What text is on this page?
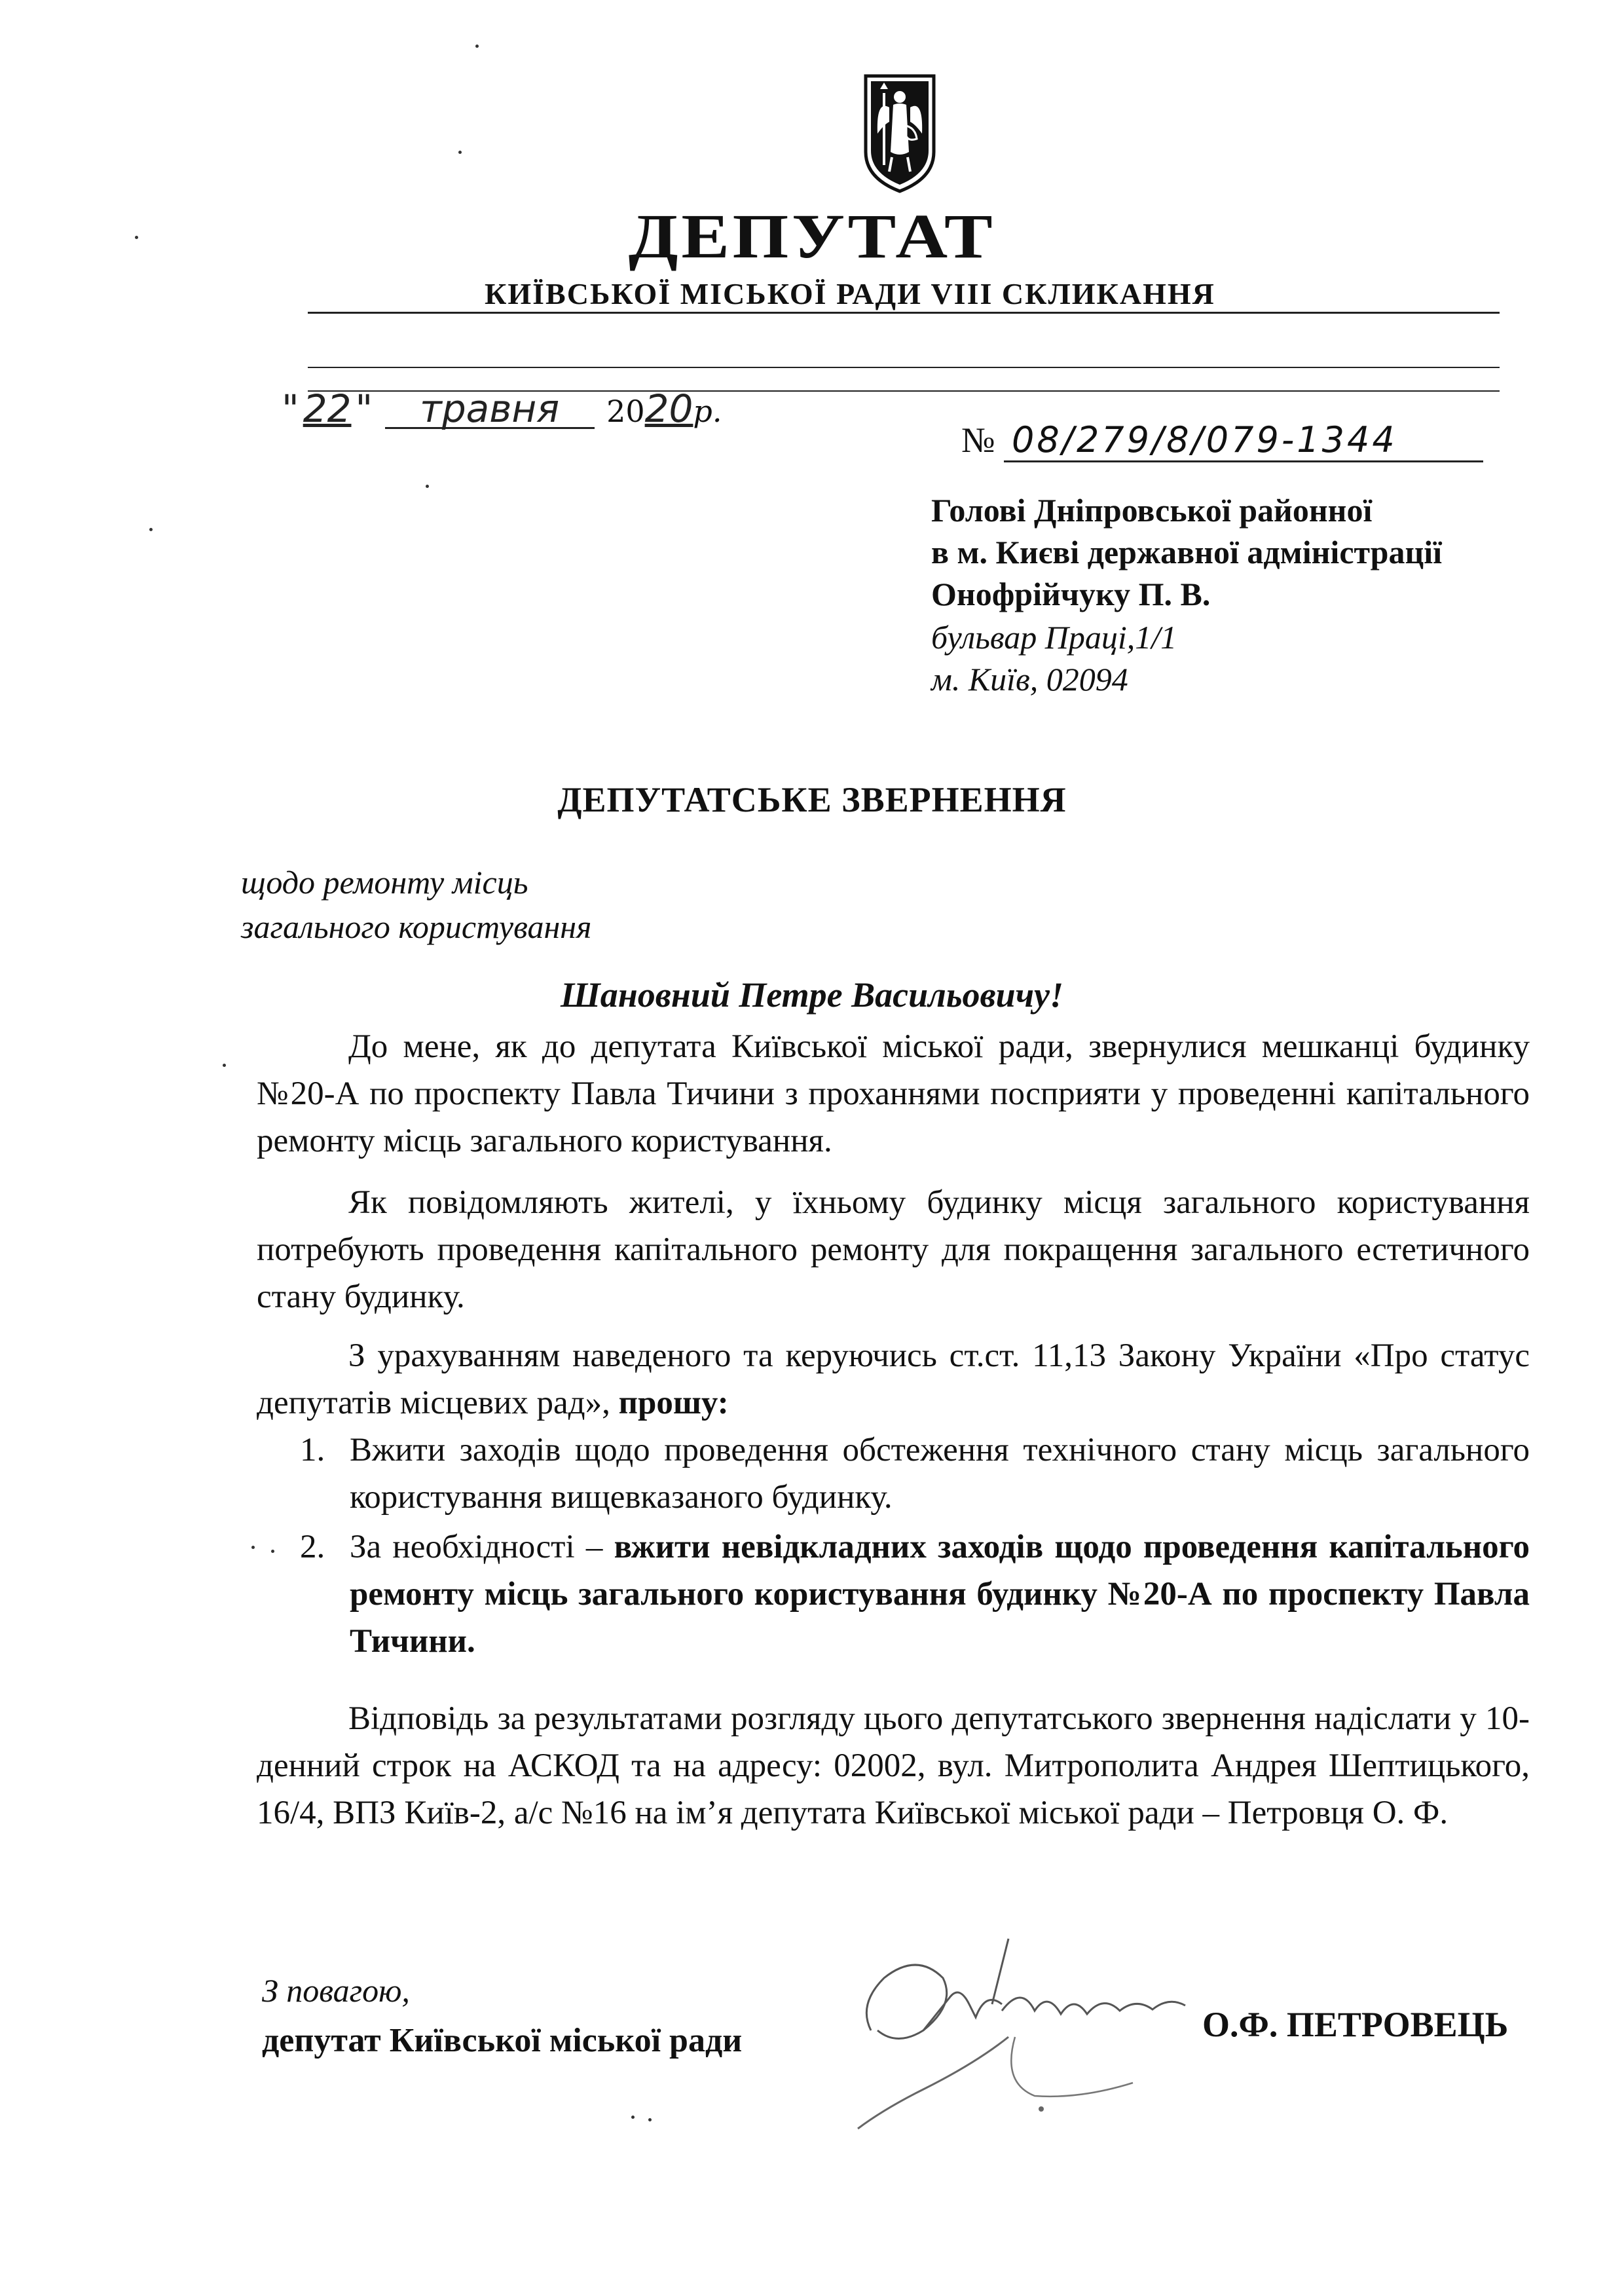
ДЕПУТАТ
КИЇВСЬКОЇ МІСЬКОЇ РАДИ VIII СКЛИКАННЯ
" 22 " травня 2020р.
№ 08/279/8/079-1344
Голові Дніпровської районної
в м. Києві державної адміністрації
Онофрійчуку П. В.
бульвар Праці,1/1
м. Київ, 02094
ДЕПУТАТСЬКЕ ЗВЕРНЕННЯ
щодо ремонту місць
загального користування
Шановний Петре Васильовичу!
До мене, як до депутата Київської міської ради, звернулися мешканці будинку №20-А по проспекту Павла Тичини з проханнями посприяти у проведенні капітального ремонту місць загального користування.
Як повідомляють жителі, у їхньому будинку місця загального користування потребують проведення капітального ремонту для покращення загального естетичного стану будинку.
З урахуванням наведеного та керуючись ст.ст. 11,13 Закону України «Про статус депутатів місцевих рад», прошу:
1. Вжити заходів щодо проведення обстеження технічного стану місць загального користування вищевказаного будинку.
2. За необхідності – вжити невідкладних заходів щодо проведення капітального ремонту місць загального користування будинку №20-А по проспекту Павла Тичини.
Відповідь за результатами розгляду цього депутатського звернення надіслати у 10-денний строк на АСКОД та на адресу: 02002, вул. Митрополита Андрея Шептицького, 16/4, ВПЗ Київ-2, а/с №16 на ім’я депутата Київської міської ради – Петровця О. Ф.
З повагою,
депутат Київської міської ради	О.Ф. ПЕТРОВЕЦЬ
